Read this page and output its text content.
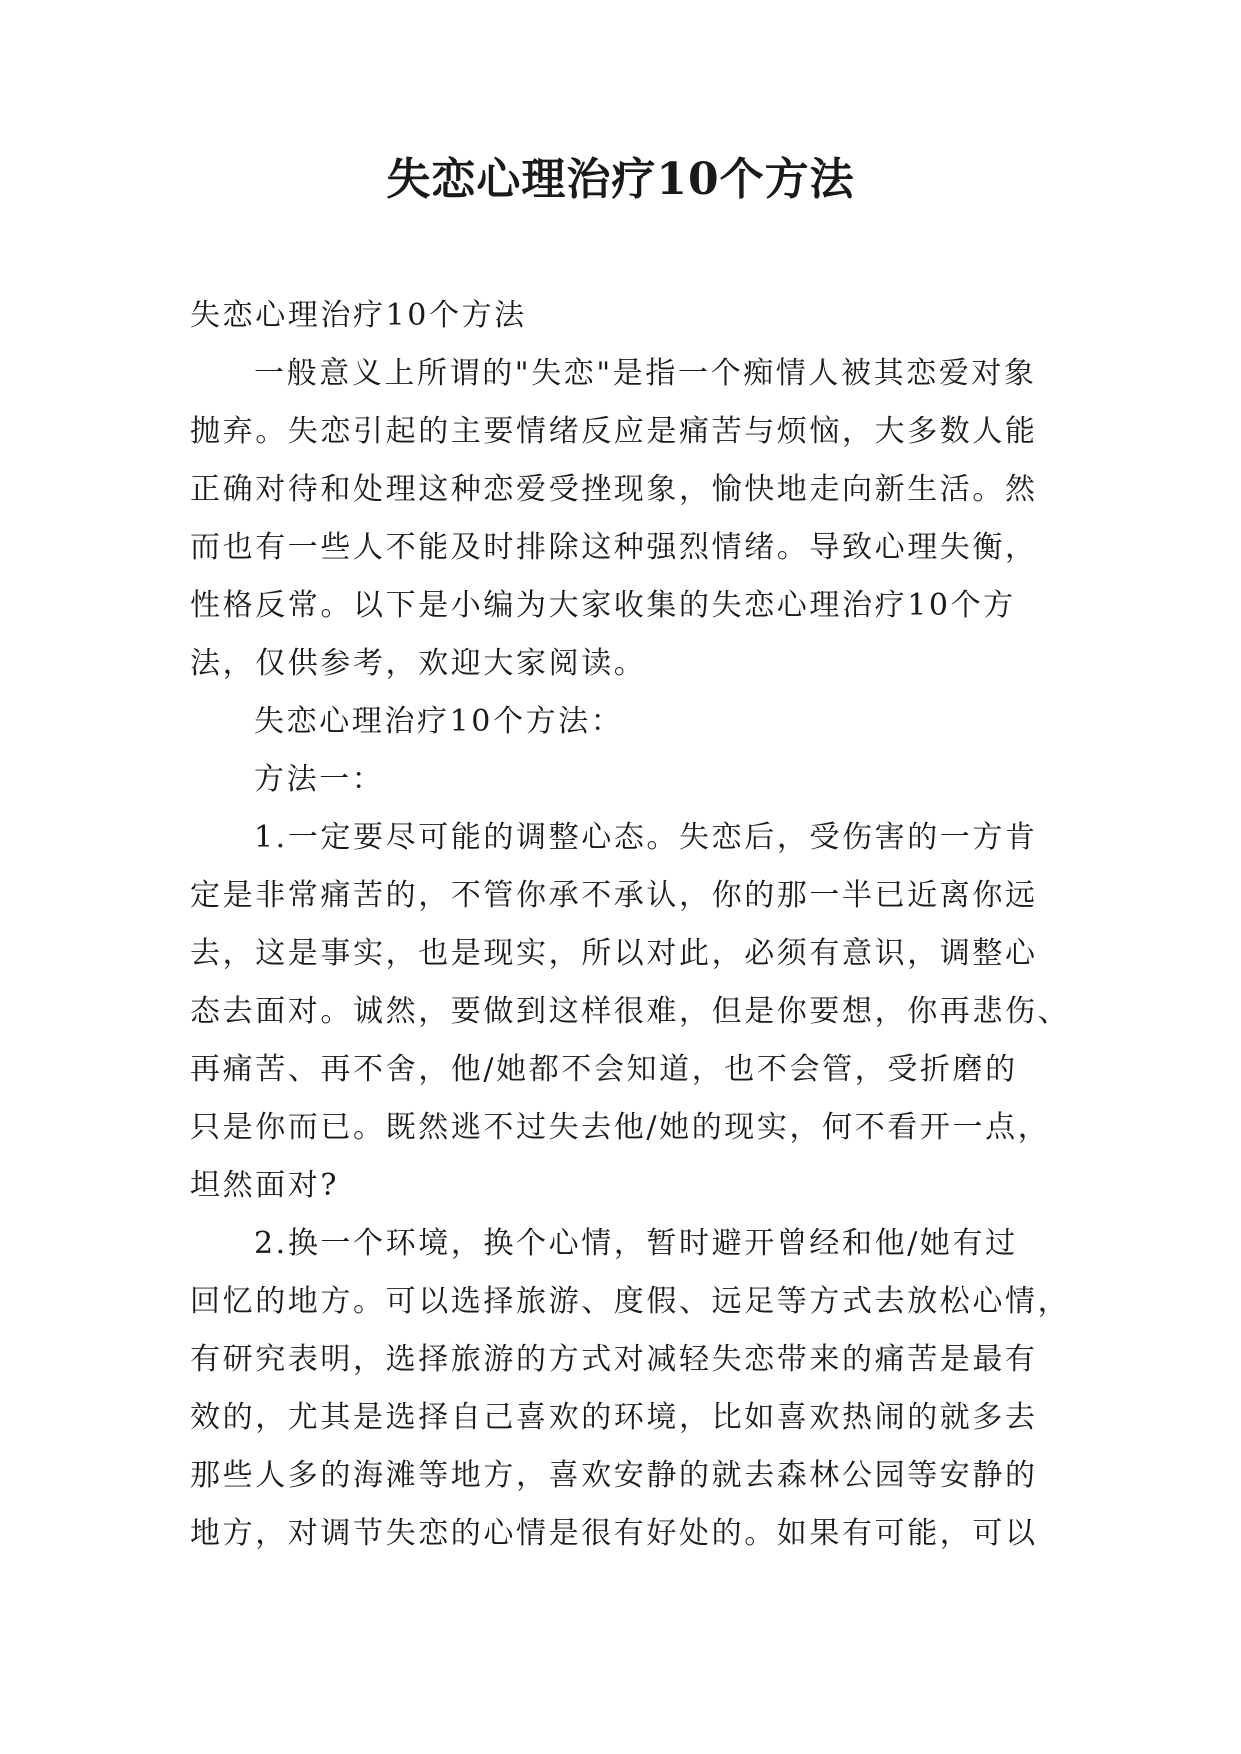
失恋心理治疗10个方法
失恋心理治疗10个方法
一般意义上所谓的"失恋"是指一个痴情人被其恋爱对象
抛弃。失恋引起的主要情绪反应是痛苦与烦恼，大多数人能
正确对待和处理这种恋爱受挫现象，愉快地走向新生活。然
而也有一些人不能及时排除这种强烈情绪。导致心理失衡，
性格反常。以下是小编为大家收集的失恋心理治疗10个方
法，仅供参考，欢迎大家阅读。
失恋心理治疗10个方法：
方法一：
1.一定要尽可能的调整心态。失恋后，受伤害的一方肯
定是非常痛苦的，不管你承不承认，你的那一半已近离你远
去，这是事实，也是现实，所以对此，必须有意识，调整心
态去面对。诚然，要做到这样很难，但是你要想，你再悲伤、
再痛苦、再不舍，他/她都不会知道，也不会管，受折磨的
只是你而已。既然逃不过失去他/她的现实，何不看开一点，
坦然面对?
2.换一个环境，换个心情，暂时避开曾经和他/她有过
回忆的地方。可以选择旅游、度假、远足等方式去放松心情，
有研究表明，选择旅游的方式对减轻失恋带来的痛苦是最有
效的，尤其是选择自己喜欢的环境，比如喜欢热闹的就多去
那些人多的海滩等地方，喜欢安静的就去森林公园等安静的
地方，对调节失恋的心情是很有好处的。如果有可能，可以
